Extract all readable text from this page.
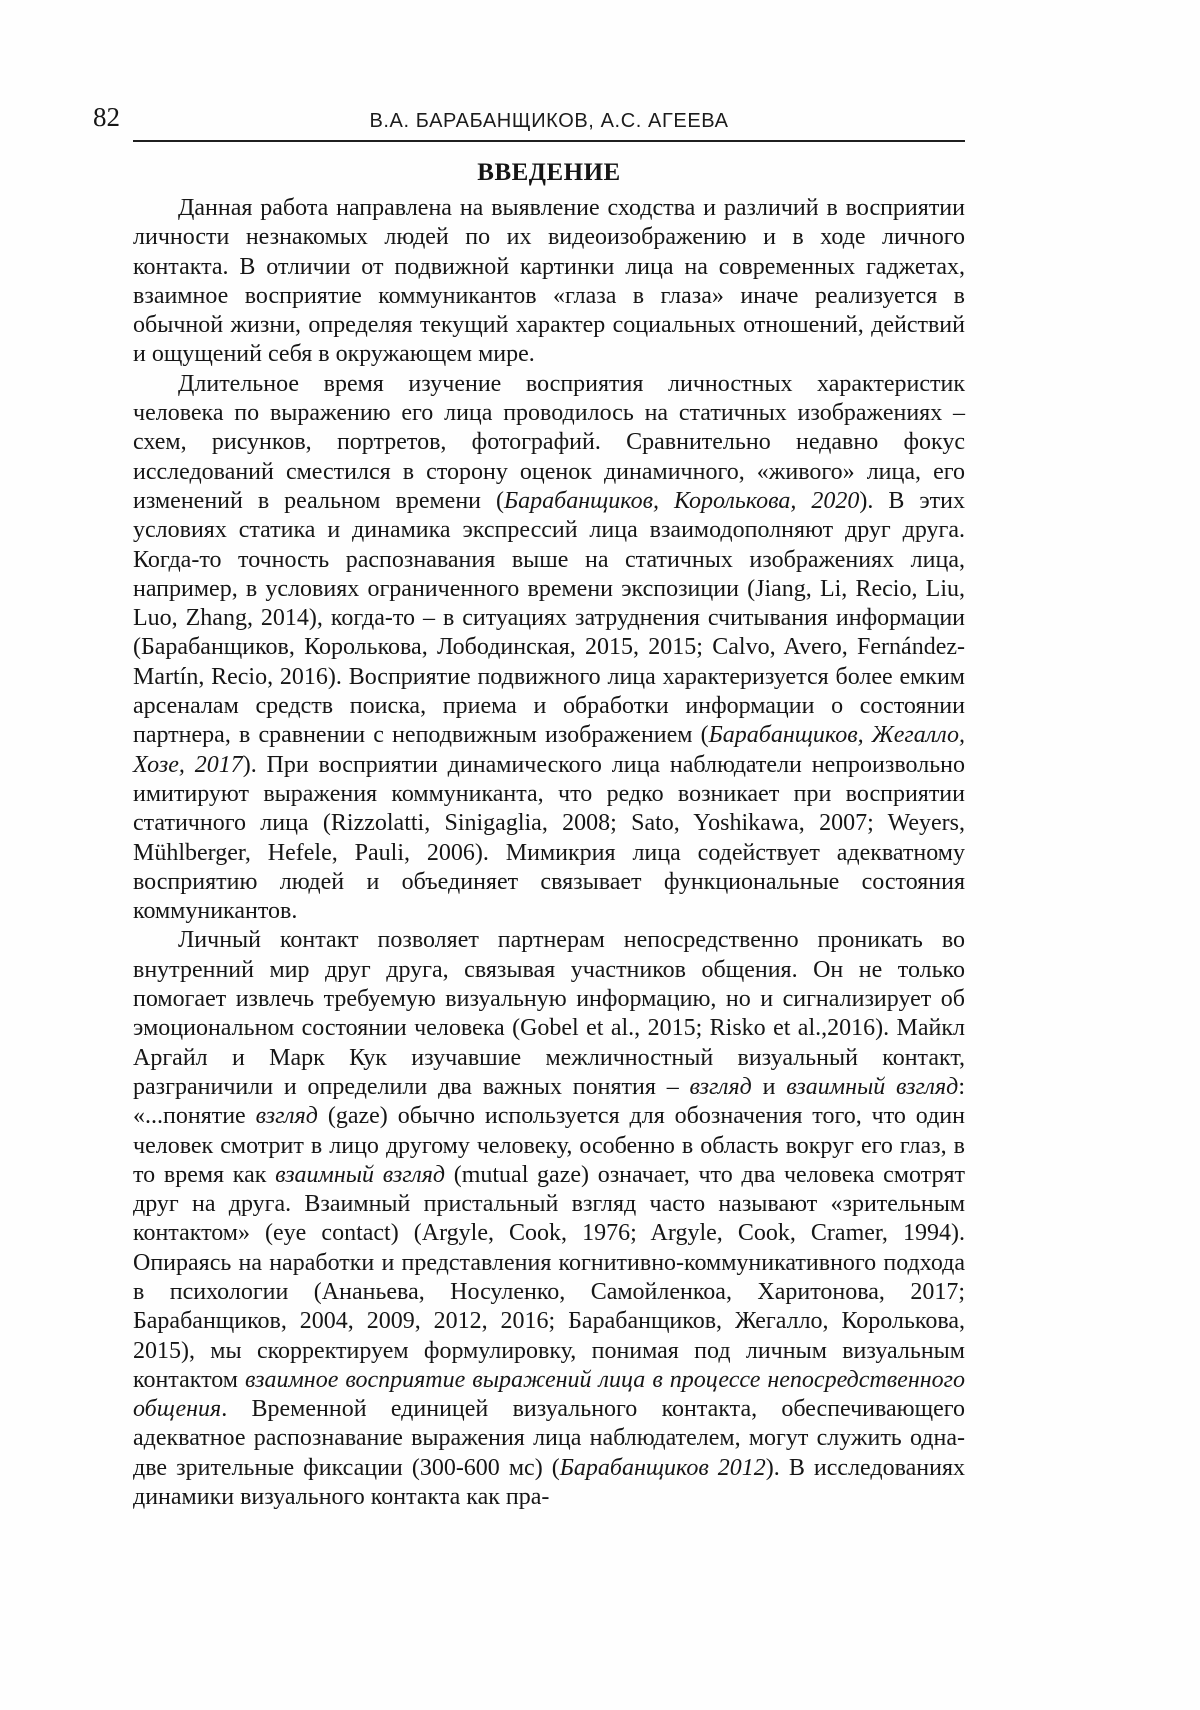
82	В.А. БАРАБАНЩИКОВ, А.С. АГЕЕВА
ВВЕДЕНИЕ

Данная работа направлена на выявление сходства и различий в восприятии личности незнакомых людей по их видеоизображению и в ходе личного контакта. В отличии от подвижной картинки лица на современных гаджетах, взаимное восприятие коммуникантов «глаза в глаза» иначе реализуется в обычной жизни, определяя текущий характер социальных отношений, действий и ощущений себя в окружающем мире.

Длительное время изучение восприятия личностных характеристик человека по выражению его лица проводилось на статичных изображениях – схем, рисунков, портретов, фотографий. Сравнительно недавно фокус исследований сместился в сторону оценок динамичного, «живого» лица, его изменений в реальном времени (Барабанщиков, Королькова, 2020). В этих условиях статика и динамика экспрессий лица взаимодополняют друг друга. Когда-то точность распознавания выше на статичных изображениях лица, например, в условиях ограниченного времени экспозиции (Jiang, Li, Recio, Liu, Luo, Zhang, 2014), когда-то – в ситуациях затруднения считывания информации (Барабанщиков, Королькова, Лободинская, 2015, 2015; Calvo, Avero, Fernández-Martín, Recio, 2016). Восприятие подвижного лица характеризуется более емким арсеналам средств поиска, приема и обработки информации о состоянии партнера, в сравнении с неподвижным изображением (Барабанщиков, Жегалло, Хозе, 2017). При восприятии динамического лица наблюдатели непроизвольно имитируют выражения коммуниканта, что редко возникает при восприятии статичного лица (Rizzolatti, Sinigaglia, 2008; Sato, Yoshikawa, 2007; Weyers, Mühlberger, Hefele, Pauli, 2006). Мимикрия лица содействует адекватному восприятию людей и объединяет связывает функциональные состояния коммуникантов.

Личный контакт позволяет партнерам непосредственно проникать во внутренний мир друг друга, связывая участников общения. Он не только помогает извлечь требуемую визуальную информацию, но и сигнализирует об эмоциональном состоянии человека (Gobel et al., 2015; Risko et al.,2016). Майкл Аргайл и Марк Кук изучавшие межличностный визуальный контакт, разграничили и определили два важных понятия – взгляд и взаимный взгляд: «...понятие взгляд (gaze) обычно используется для обозначения того, что один человек смотрит в лицо другому человеку, особенно в область вокруг его глаз, в то время как взаимный взгляд (mutual gaze) означает, что два человека смотрят друг на друга. Взаимный пристальный взгляд часто называют «зрительным контактом» (eye contact) (Argyle, Cook, 1976; Argyle, Cook, Cramer, 1994). Опираясь на наработки и представления когнитивно-коммуникативного подхода в психологии (Ананьева, Носуленко, Самойленкоа, Харитонова, 2017; Барабанщиков, 2004, 2009, 2012, 2016; Барабанщиков, Жегалло, Королькова, 2015), мы скорректируем формулировку, понимая под личным визуальным контактом взаимное восприятие выражений лица в процессе непосредственного общения. Временной единицей визуального контакта, обеспечивающего адекватное распознавание выражения лица наблюдателем, могут служить одна-две зрительные фиксации (300-600 мс) (Барабанщиков 2012). В исследованиях динамики визуального контакта как пра-
